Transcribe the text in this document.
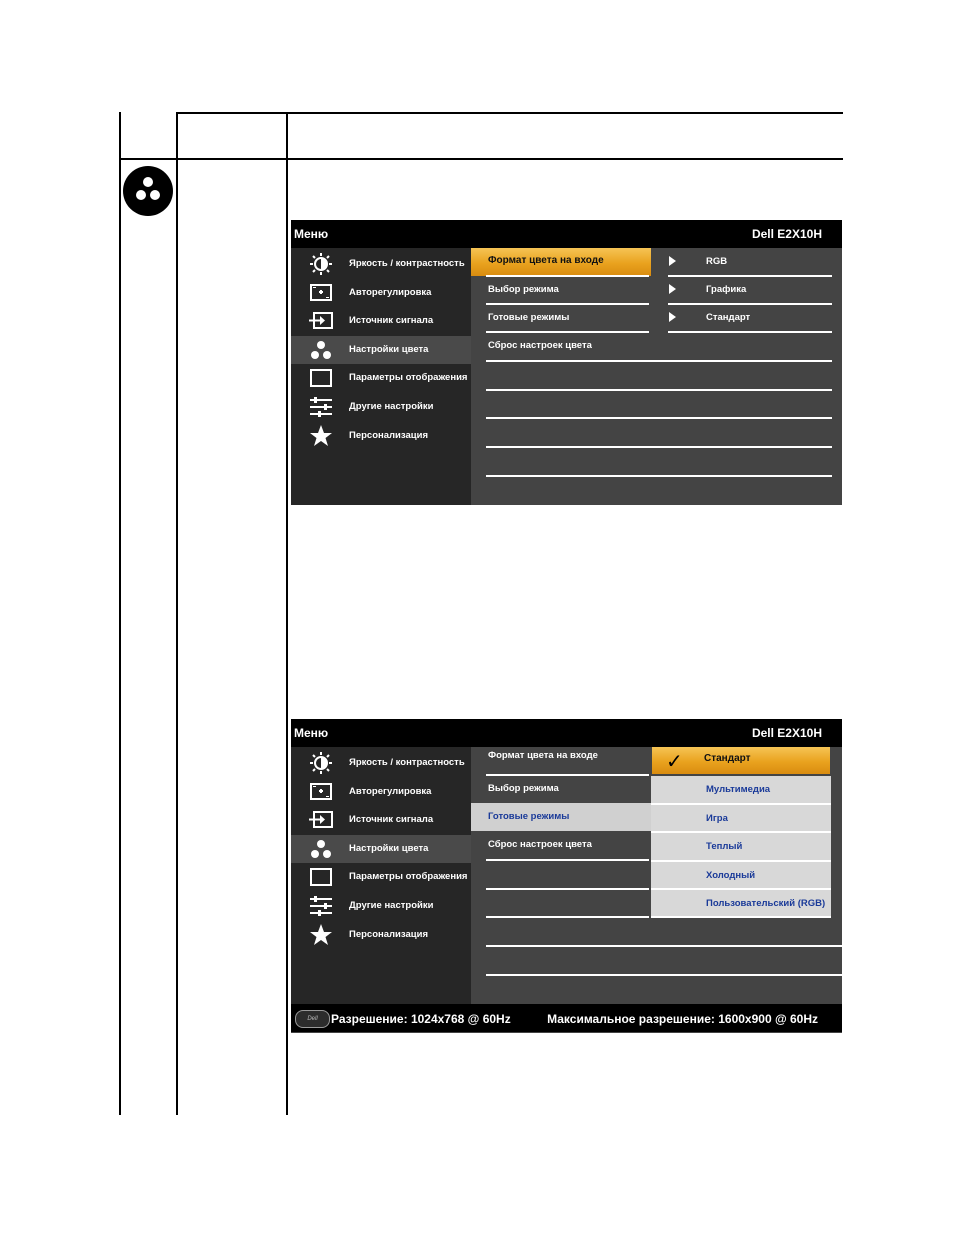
Меню	Dell E2X10H
Формат цвета на входе
Выбор режима
Готовые режимы
Сброс настроек цвета
RGB
Графика
Стандарт
Яркость / контрастность
Авторегулировка
Источник сигнала
Настройки цвета
Параметры отображения
Другие настройки
Персонализация
Меню	Dell E2X10H
Формат цвета на входе
Выбор режима
Готовые режимы
Сброс настроек цвета
✓ Стандарт
Мультимедиа
Игра
Теплый
Холодный
Пользовательский (RGB)
Dell	Разрешение: 1024x768 @ 60Hz	Максимальное разрешение: 1600x900 @ 60Hz
Яркость / контрастность
Авторегулировка
Источник сигнала
Настройки цвета
Параметры отображения
Другие настройки
Персонализация
